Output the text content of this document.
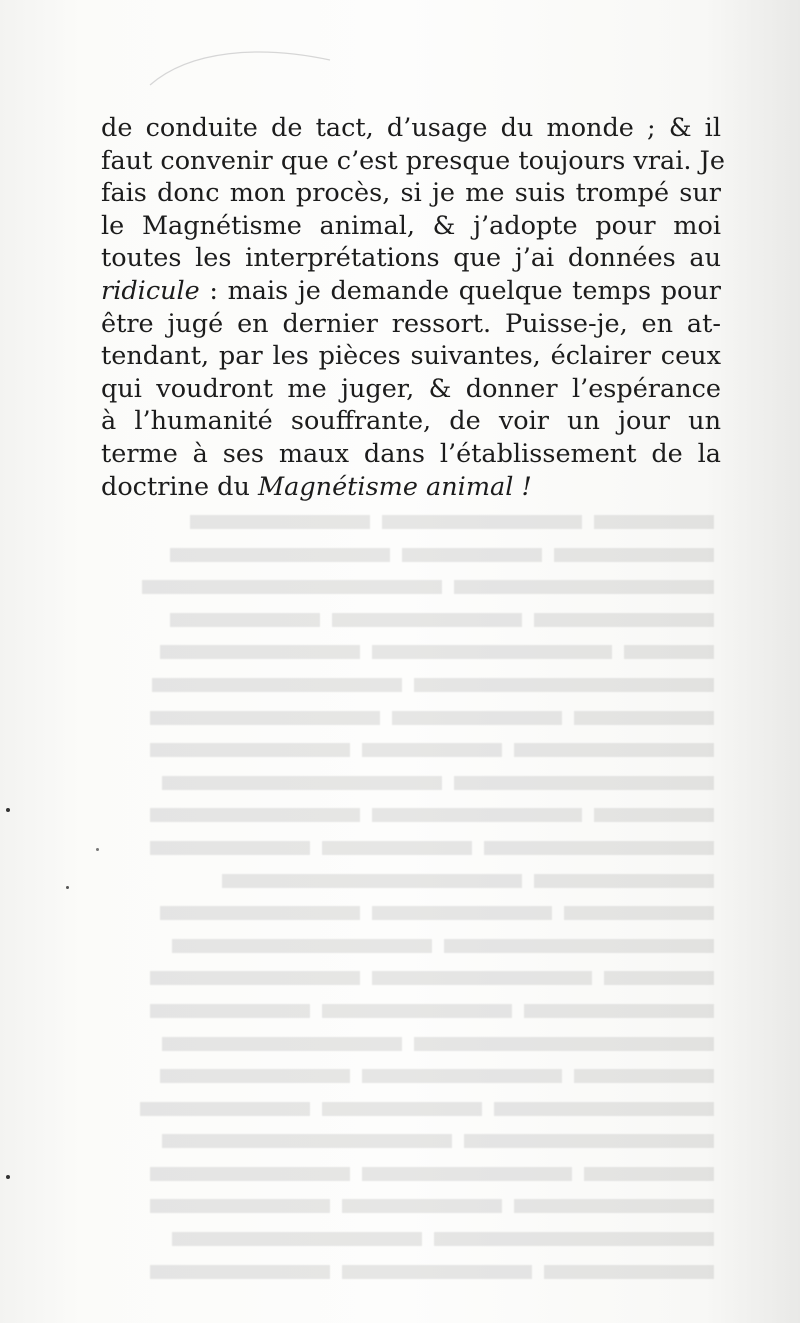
de conduite de tact, d’usage du monde ; & il
faut convenir que c’est presque toujours vrai. Je
fais donc mon procès, si je me suis trompé sur
le Magnétisme animal, & j’adopte pour moi
toutes les interprétations que j’ai données au
ridicule : mais je demande quelque temps pour
être jugé en dernier ressort. Puisse-je, en at-
tendant, par les pièces suivantes, éclairer ceux
qui voudront me juger, & donner l’espérance
à l’humanité souffrante, de voir un jour un
terme à ses maux dans l’établissement de la
doctrine du Magnétisme animal !
